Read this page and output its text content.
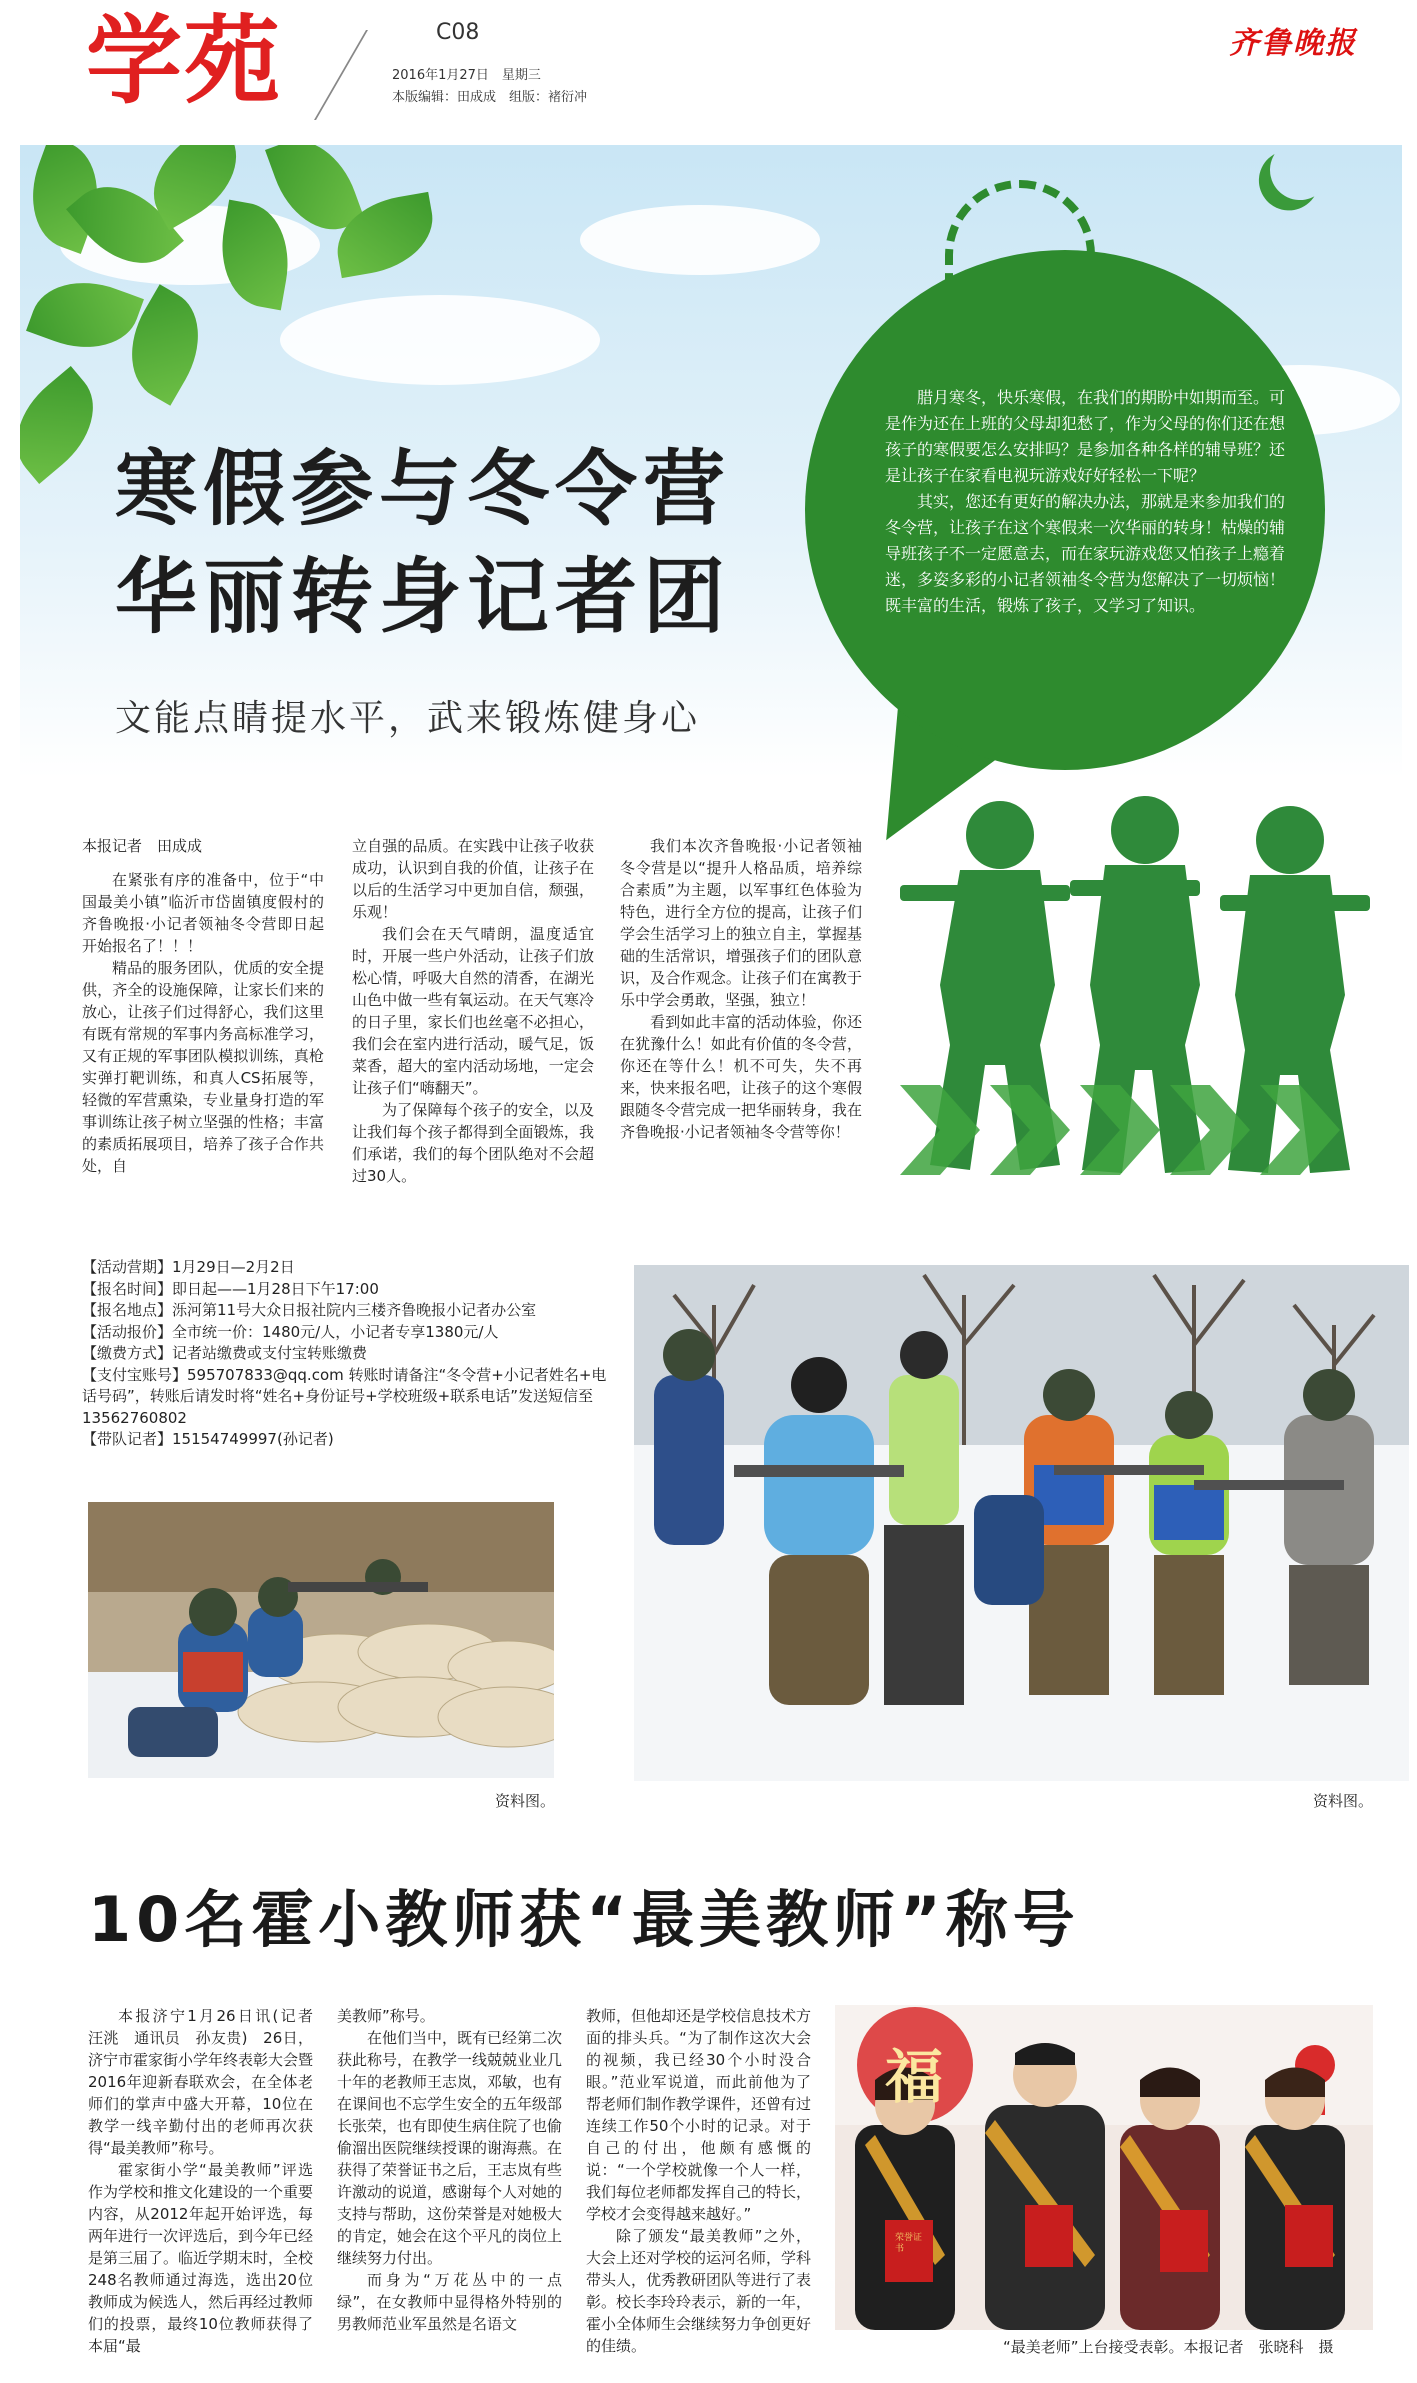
学苑	C08
2016年1月27日　星期三
本版编辑：田成成　组版：褚衍冲
齐鲁晚报
寒假参与冬令营
华丽转身记者团
文能点睛提水平，武来锻炼健身心

腊月寒冬，快乐寒假，在我们的期盼中如期而至。可是作为还在上班的父母却犯愁了，作为父母的你们还在想孩子的寒假要怎么安排吗？是参加各种各样的辅导班？还是让孩子在家看电视玩游戏好好轻松一下呢？

其实，您还有更好的解决办法，那就是来参加我们的冬令营，让孩子在这个寒假来一次华丽的转身！枯燥的辅导班孩子不一定愿意去，而在家玩游戏您又怕孩子上瘾着迷，多姿多彩的小记者领袖冬令营为您解决了一切烦恼！既丰富的生活，锻炼了孩子，又学习了知识。

本报记者　田成成

在紧张有序的准备中，位于“中国最美小镇”临沂市岱崮镇度假村的齐鲁晚报·小记者领袖冬令营即日起开始报名了！！！

精品的服务团队，优质的安全提供，齐全的设施保障，让家长们来的放心，让孩子们过得舒心，我们这里有既有常规的军事内务高标准学习，又有正规的军事团队模拟训练，真枪实弹打靶训练，和真人CS拓展等，轻微的军营熏染，专业量身打造的军事训练让孩子树立坚强的性格；丰富的素质拓展项目，培养了孩子合作共处，自

立自强的品质。在实践中让孩子收获成功，认识到自我的价值，让孩子在以后的生活学习中更加自信，颓强，乐观！

我们会在天气晴朗，温度适宜时，开展一些户外活动，让孩子们放松心情，呼吸大自然的清香，在湖光山色中做一些有氧运动。在天气寒冷的日子里，家长们也丝毫不必担心，我们会在室内进行活动，暖气足，饭菜香，超大的室内活动场地，一定会让孩子们“嗨翻天”。

为了保障每个孩子的安全，以及让我们每个孩子都得到全面锻炼，我们承诺，我们的每个团队绝对不会超过30人。

我们本次齐鲁晚报·小记者领袖冬令营是以“提升人格品质，培养综合素质”为主题，以军事红色体验为特色，进行全方位的提高，让孩子们学会生活学习上的独立自主，掌握基础的生活常识，增强孩子们的团队意识，及合作观念。让孩子们在寓教于乐中学会勇敢，坚强，独立！

看到如此丰富的活动体验，你还在犹豫什么！如此有价值的冬令营，你还在等什么！机不可失，失不再来，快来报名吧，让孩子的这个寒假跟随冬令营完成一把华丽转身，我在齐鲁晚报·小记者领袖冬令营等你！

【活动营期】1月29日—2月2日
【报名时间】即日起——1月28日下午17:00
【报名地点】泺河第11号大众日报社院内三楼齐鲁晚报小记者办公室
【活动报价】全市统一价：1480元/人，小记者专享1380元/人
【缴费方式】记者站缴费或支付宝转账缴费
【支付宝账号】595707833@qq.com 转账时请备注“冬令营+小记者姓名+电话号码”，转账后请发时将“姓名+身份证号+学校班级+联系电话”发送短信至13562760802
【带队记者】15154749997(孙记者)
资料图。	资料图。
10名霍小教师获“最美教师”称号

本报济宁1月26日讯(记者　汪洮　通讯员　孙友贵)　26日，济宁市霍家街小学年终表彰大会暨2016年迎新春联欢会，在全体老师们的掌声中盛大开幕，10位在教学一线辛勤付出的老师再次获得“最美教师”称号。

霍家街小学“最美教师”评选作为学校和推文化建设的一个重要内容，从2012年起开始评选，每两年进行一次评选后，到今年已经是第三届了。临近学期末时，全校248名教师通过海选，选出20位教师成为候选人，然后再经过教师们的投票，最终10位教师获得了本届“最

美教师”称号。

在他们当中，既有已经第二次获此称号，在教学一线兢兢业业几十年的老教师王志岚，邓敏，也有在课间也不忘学生安全的五年级部长张荣，也有即使生病住院了也偷偷溜出医院继续授课的谢海燕。在获得了荣誉证书之后，王志岚有些许激动的说道，感谢每个人对她的支持与帮助，这份荣誉是对她极大的肯定，她会在这个平凡的岗位上继续努力付出。

而身为“万花丛中的一点绿”，在女教师中显得格外特别的男教师范业军虽然是名语文

教师，但他却还是学校信息技术方面的排头兵。“为了制作这次大会的视频，我已经30个小时没合眼。”范业军说道，而此前他为了帮老师们制作教学课件，还曾有过连续工作50个小时的记录。对于自己的付出，他颇有感慨的说：“一个学校就像一个人一样，我们每位老师都发挥自己的特长，学校才会变得越来越好。”

除了颁发“最美教师”之外，大会上还对学校的运河名师，学科带头人，优秀教研团队等进行了表彰。校长李玲玲表示，新的一年，霍小全体师生会继续努力争创更好的佳绩。

荣誉证书
福
“最美老师”上台接受表彰。本报记者　张晓科　摄
